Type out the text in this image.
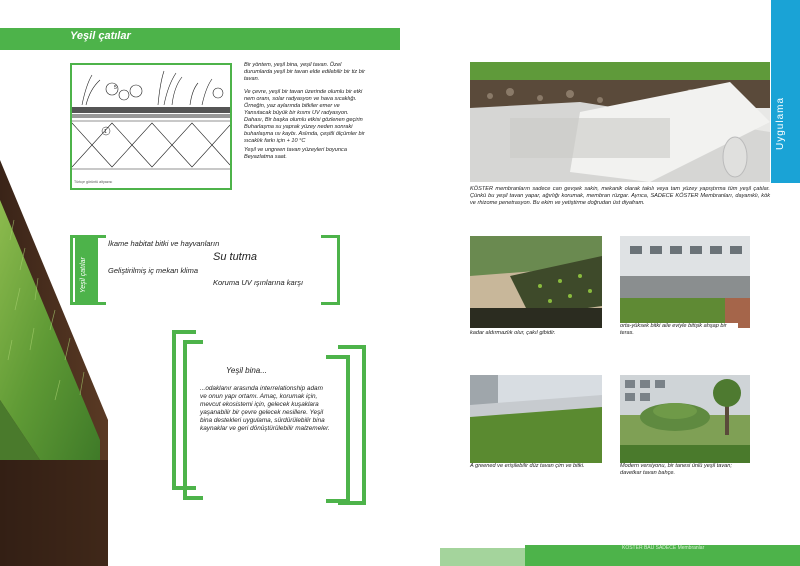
Yeşil çatılar
Uygulama
5
1
Türkçe görüntü altyazısı

Bir yöntem, yeşil bina, yeşil tavan. Özel durumlarda yeşil bir tavan elde edilebilir bir tiz bir tavan.

Ve çevre, yeşil bir tavan üzerinde olumlu bir etki nem oranı, solar radyasyon ve hava sıcaklığı. Örneğin, yaz aylarında bitkiler emer ve

Yansıtacak büyük bir kısmı UV radyasyon. Dahası, Bir başka olumlu etkisi gözlenen geçirin Buharlaşma su yaprak yüzey neden sonraki buharlaşma ısı kaybı. Aslında, çeşitli ölçümler bir sıcaklık farkı için + 10 °C

Yeşil ve ungreen tavan yüzeyleri boyunca Beyazlatma saat.

Yeşil çatılar
İkame habitat bitki ve hayvanların
Su tutma
Geliştirilmiş iç mekan klima
Koruma UV ışınlarına karşı
Yeşil bina...

...odaklanır arasında interrelationship adam ve onun yapı ortamı. Amaç, korumak için, mevcut ekosistemi için, gelecek kuşaklara yaşanabilir bir çevre gelecek nesillere. Yeşil bina destekleri uygulama, sürdürülebilir bina kaynaklar ve geri dönüştürülebilir malzemeler.

KÖSTER membranların sadece can gevşek sakin, mekanik olarak takılı veya tam yüzey yapıştırma tüm yeşil çatılar. Çünkü bu yeşil tavan yapar, ağırlığı korumak, membran rüzgar. Ayrıca, SADECE KÖSTER Membranları, dayanıklı, kök ve rhizome penetrasyon. Bu ekim ve yetiştirme doğrudan üst diyafram.

kadar aldırmazlık olur, çakıl gibidir.

orta-yüksek bitki aile eviyle bitişik ahşap bir teras.

A greened ve erişilebilir düz tavan çim ve bitki.	Modern versiyonu, bir tanesi ünlü yeşil tavan; davetkar tavan bahçe.

KÖSTER BAU SADECE Membranlar
